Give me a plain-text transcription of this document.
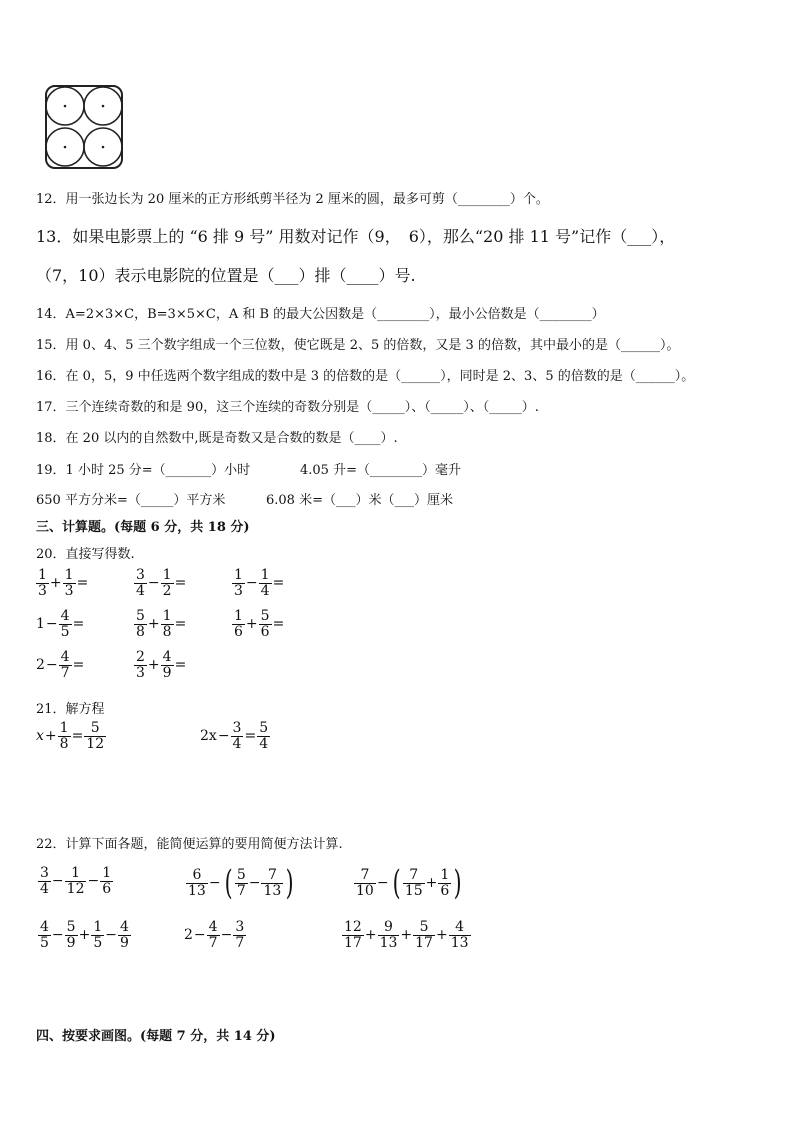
12．用一张边长为 20 厘米的正方形纸剪半径为 2 厘米的圆，最多可剪（________）个。
13．如果电影票上的 “6 排 9 号” 用数对记作（9，　6），那么“20 排 11 号”记作（___），
（7，10）表示电影院的位置是（___）排（____）号.
14．A=2×3×C，B=3×5×C，A 和 B 的最大公因数是（________），最小公倍数是（________）
15．用 0、4、5 三个数字组成一个三位数，使它既是 2、5 的倍数，又是 3 的倍数，其中最小的是（______）。
16．在 0，5，9 中任选两个数字组成的数中是 3 的倍数的是（______），同时是 2、3、5 的倍数的是（______）。
17．三个连续奇数的和是 90，这三个连续的奇数分别是（_____）、（_____）、（_____）.
18．在 20 以内的自然数中,既是奇数又是合数的数是（____）.
19．1 小时 25 分=（_______）小时	4.05 升=（________）毫升
650 平方分米=（_____）平方米	6.08 米=（___）米（___）厘米
三、计算题。(每题 6 分，共 18 分)
20．直接写得数.
$\frac{1}{3} + \frac{1}{3}$ =	$\frac{3}{4} - \frac{1}{2}$ =	$\frac{1}{3} - \frac{1}{4}$ =
$1 - \frac{4}{5}$ =	$\frac{5}{8} + \frac{1}{8}$ =	$\frac{1}{6} + \frac{5}{6}$ =
$2 - \frac{4}{7}$ =	$\frac{2}{3} + \frac{4}{9}$ =
21．解方程
$x + \frac{1}{8} = \frac{5}{12}$	$2x - \frac{3}{4} = \frac{5}{4}$
22．计算下面各题，能简便运算的要用简便方法计算.
$\frac{3}{4} - \frac{1}{12} - \frac{1}{6}$	$\frac{6}{13}$ − ( $\frac{5}{7} - \frac{7}{13}$ )	$\frac{7}{10}$ − ( $\frac{7}{15} + \frac{1}{6}$ )
$\frac{4}{5} - \frac{5}{9} + \frac{1}{5} - \frac{4}{9}$	$2 - \frac{4}{7} - \frac{3}{7}$	$\frac{12}{17} + \frac{9}{13} + \frac{5}{17} + \frac{4}{13}$
四、按要求画图。(每题 7 分，共 14 分)
